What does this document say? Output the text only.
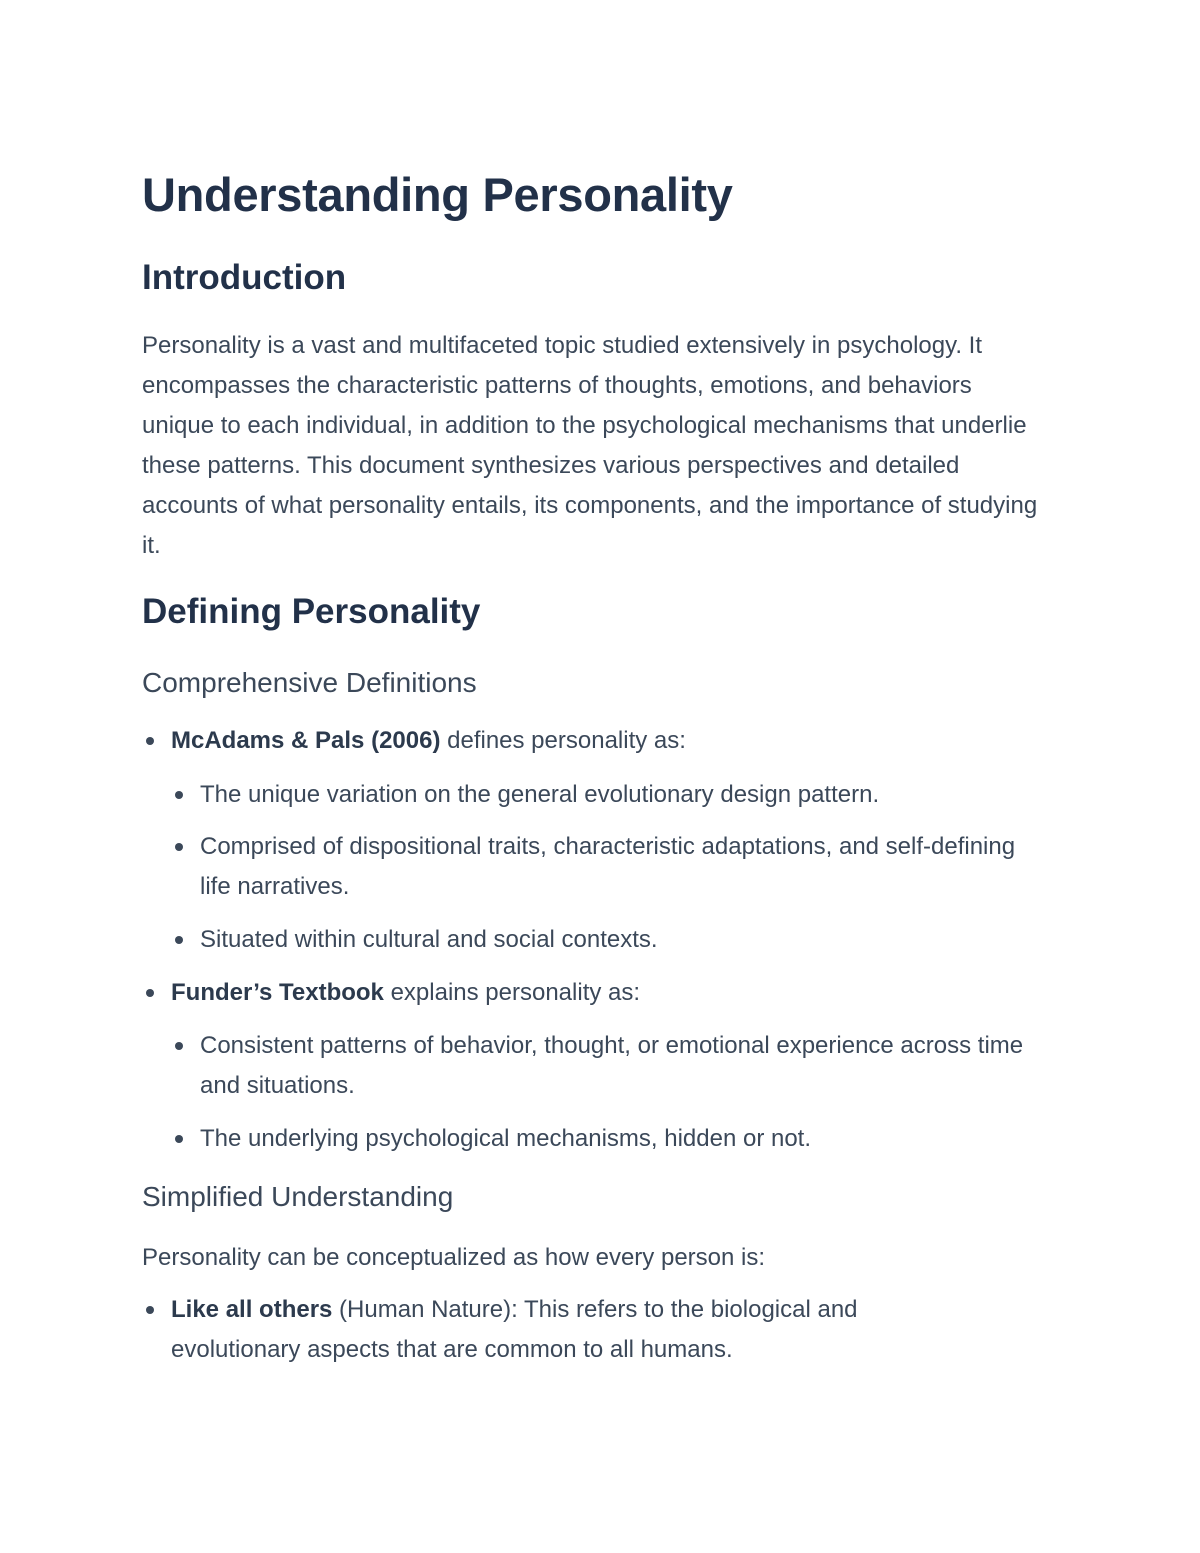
Understanding Personality
Introduction

Personality is a vast and multifaceted topic studied extensively in psychology. It encompasses the characteristic patterns of thoughts, emotions, and behaviors unique to each individual, in addition to the psychological mechanisms that underlie these patterns. This document synthesizes various perspectives and detailed accounts of what personality entails, its components, and the importance of studying it.

Defining Personality
Comprehensive Definitions
McAdams & Pals (2006) defines personality as:
The unique variation on the general evolutionary design pattern.
Comprised of dispositional traits, characteristic adaptations, and self-defining life narratives.
Situated within cultural and social contexts.
Funder’s Textbook explains personality as:
Consistent patterns of behavior, thought, or emotional experience across time and situations.
The underlying psychological mechanisms, hidden or not.
Simplified Understanding

Personality can be conceptualized as how every person is:

Like all others (Human Nature): This refers to the biological and evolutionary aspects that are common to all humans.
